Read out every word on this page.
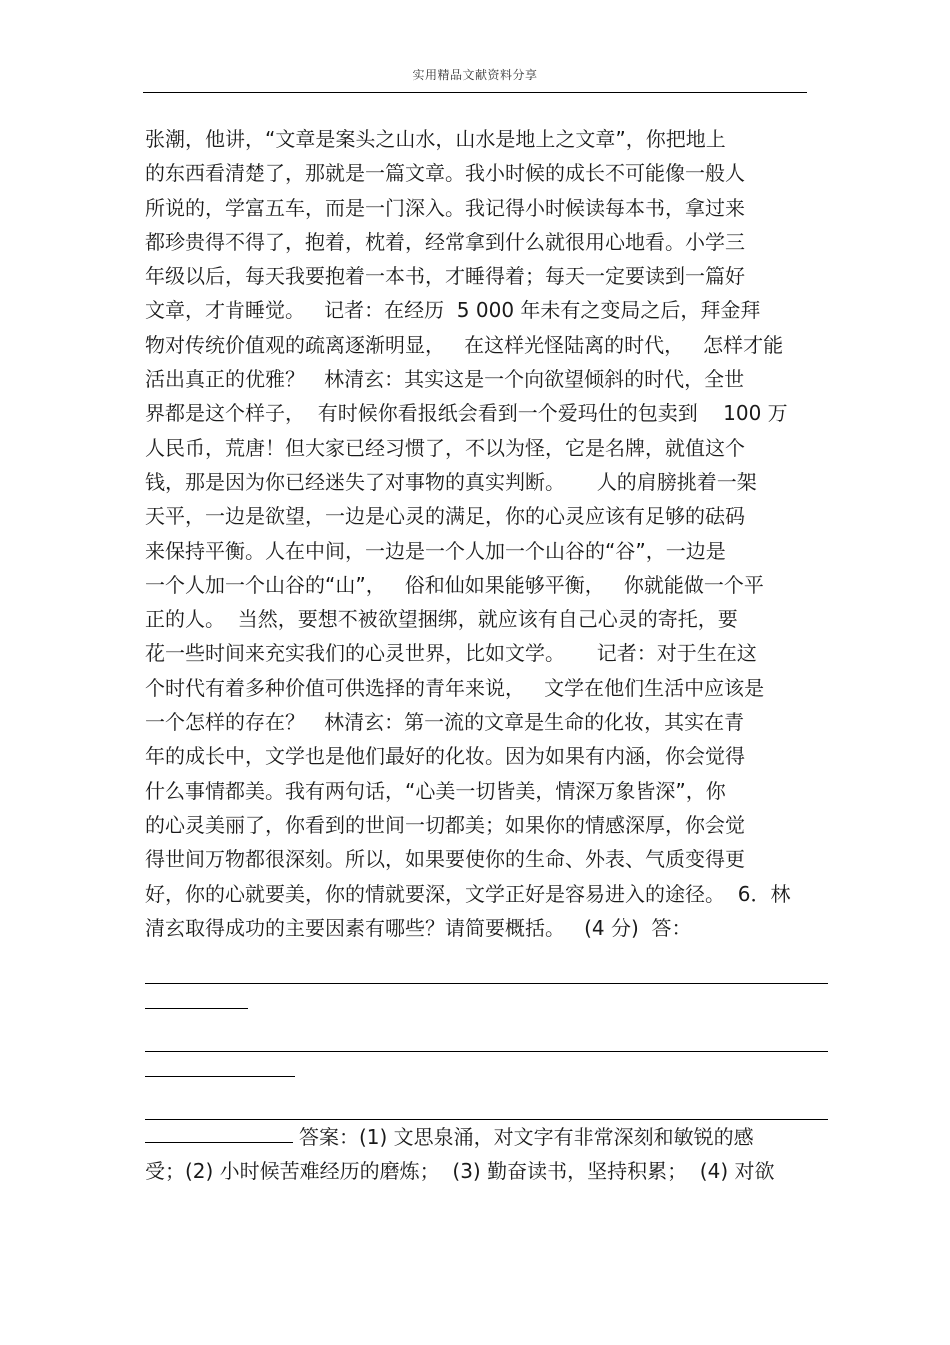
实用精品文献资料分享
张潮，他讲，“文章是案头之山水，山水是地上之文章”，你把地上
的东西看清楚了，那就是一篇文章。我小时候的成长不可能像一般人
所说的，学富五车，而是一门深入。我记得小时候读每本书，拿过来
都珍贵得不得了，抱着，枕着，经常拿到什么就很用心地看。小学三
年级以后，每天我要抱着一本书，才睡得着；每天一定要读到一篇好
文章，才肯睡觉。   记者：在经历  5 000 年未有之变局之后，拜金拜
物对传统价值观的疏离逐渐明显，   在这样光怪陆离的时代，   怎样才能
活出真正的优雅？   林清玄：其实这是一个向欲望倾斜的时代，全世
界都是这个样子，  有时候你看报纸会看到一个爱玛仕的包卖到    100 万
人民币，荒唐！但大家已经习惯了，不以为怪，它是名牌，就值这个
钱，那是因为你已经迷失了对事物的真实判断。     人的肩膀挑着一架
天平，一边是欲望，一边是心灵的满足，你的心灵应该有足够的砝码
来保持平衡。人在中间，一边是一个人加一个山谷的“谷”，一边是
一个人加一个山谷的“山”，   俗和仙如果能够平衡，   你就能做一个平
正的人。  当然，要想不被欲望捆绑，就应该有自己心灵的寄托，要
花一些时间来充实我们的心灵世界，比如文学。     记者：对于生在这
个时代有着多种价值可供选择的青年来说，   文学在他们生活中应该是
一个怎样的存在？   林清玄：第一流的文章是生命的化妆，其实在青
年的成长中，文学也是他们最好的化妆。因为如果有内涵，你会觉得
什么事情都美。我有两句话，“心美一切皆美，情深万象皆深”，你
的心灵美丽了，你看到的世间一切都美；如果你的情感深厚，你会觉
得世间万物都很深刻。所以，如果要使你的生命、外表、气质变得更
好，你的心就要美，你的情就要深，文学正好是容易进入的途径。  6．林
清玄取得成功的主要因素有哪些？请简要概括。   (4 分)  答：
答案：(1) 文思泉涌，对文字有非常深刻和敏锐的感
受；(2) 小时候苦难经历的磨炼；  (3) 勤奋读书，坚持积累；  (4) 对欲
